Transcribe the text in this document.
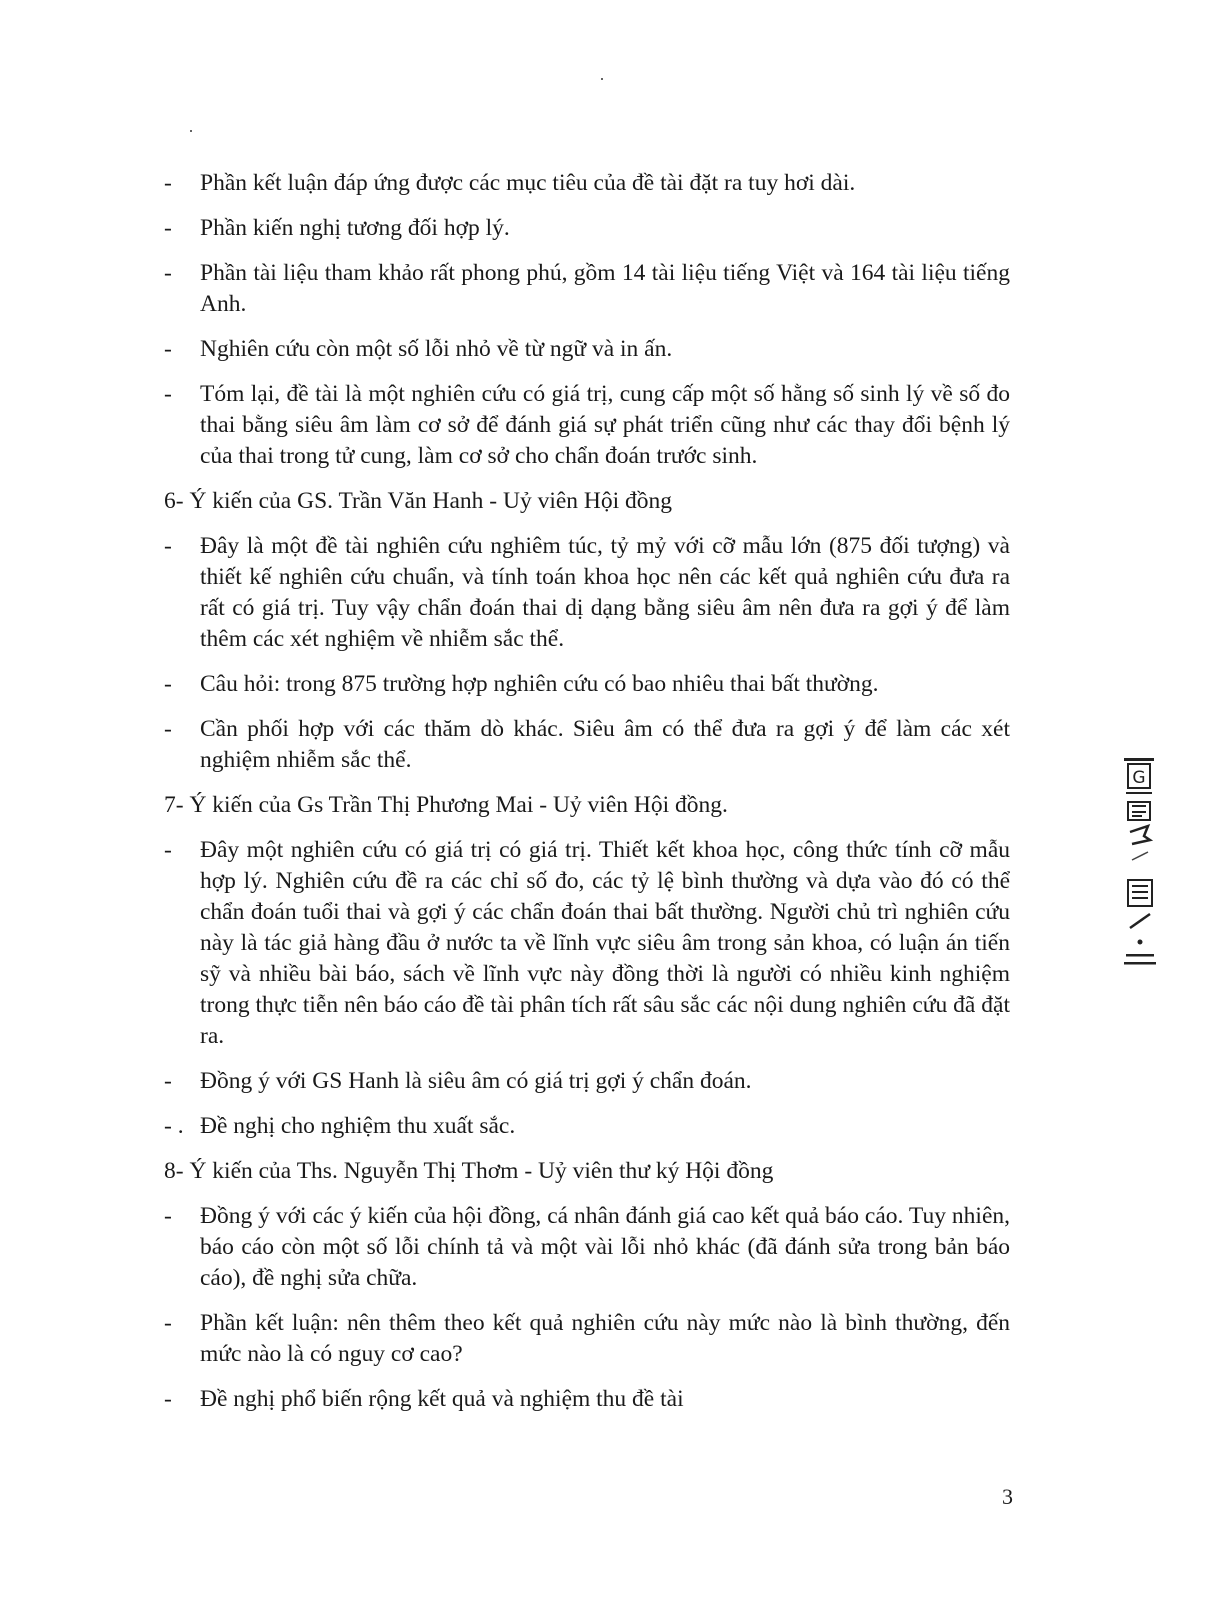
- Phần kết luận đáp ứng được các mục tiêu của đề tài đặt ra tuy hơi dài.
- Phần kiến nghị tương đối hợp lý.
- Phần tài liệu tham khảo rất phong phú, gồm 14 tài liệu tiếng Việt và 164 tài liệu tiếng Anh.
- Nghiên cứu còn một số lỗi nhỏ về từ ngữ và in ấn.
- Tóm lại, đề tài là một nghiên cứu có giá trị, cung cấp một số hằng số sinh lý về số đo thai bằng siêu âm làm cơ sở để đánh giá sự phát triển cũng như các thay đổi bệnh lý của thai trong tử cung, làm cơ sở cho chẩn đoán trước sinh.
6- Ý kiến của GS. Trần Văn Hanh - Uỷ viên Hội đồng
- Đây là một đề tài nghiên cứu nghiêm túc, tỷ mỷ với cỡ mẫu lớn (875 đối tượng) và thiết kế nghiên cứu chuẩn, và tính toán khoa học nên các kết quả nghiên cứu đưa ra rất có giá trị. Tuy vậy chẩn đoán thai dị dạng bằng siêu âm nên đưa ra gợi ý để làm thêm các xét nghiệm về nhiễm sắc thể.
- Câu hỏi: trong 875 trường hợp nghiên cứu có bao nhiêu thai bất thường.
- Cần phối hợp với các thăm dò khác. Siêu âm có thể đưa ra gợi ý để làm các xét nghiệm nhiễm sắc thể.
7- Ý kiến của Gs Trần Thị Phương Mai - Uỷ viên Hội đồng.
- Đây một nghiên cứu có giá trị có giá trị. Thiết kết khoa học, công thức tính cỡ mẫu hợp lý. Nghiên cứu đề ra các chỉ số đo, các tỷ lệ bình thường và dựa vào đó có thể chẩn đoán tuổi thai và gợi ý các chẩn đoán thai bất thường. Người chủ trì nghiên cứu này là tác giả hàng đầu ở nước ta về lĩnh vực siêu âm trong sản khoa, có luận án tiến sỹ và nhiều bài báo, sách về lĩnh vực này đồng thời là người có nhiều kinh nghiệm trong thực tiễn nên báo cáo đề tài phân tích rất sâu sắc các nội dung nghiên cứu đã đặt ra.
- Đồng ý với GS Hanh là siêu âm có giá trị gợi ý chẩn đoán.
- . Đề nghị cho nghiệm thu xuất sắc.
8- Ý kiến của Ths. Nguyễn Thị Thơm - Uỷ viên thư ký Hội đồng
- Đồng ý với các ý kiến của hội đồng, cá nhân đánh giá cao kết quả báo cáo. Tuy nhiên, báo cáo còn một số lỗi chính tả và một vài lỗi nhỏ khác (đã đánh sửa trong bản báo cáo), đề nghị sửa chữa.
- Phần kết luận: nên thêm theo kết quả nghiên cứu này mức nào là bình thường, đến mức nào là có nguy cơ cao?
- Đề nghị phổ biến rộng kết quả và nghiệm thu đề tài
G
3
